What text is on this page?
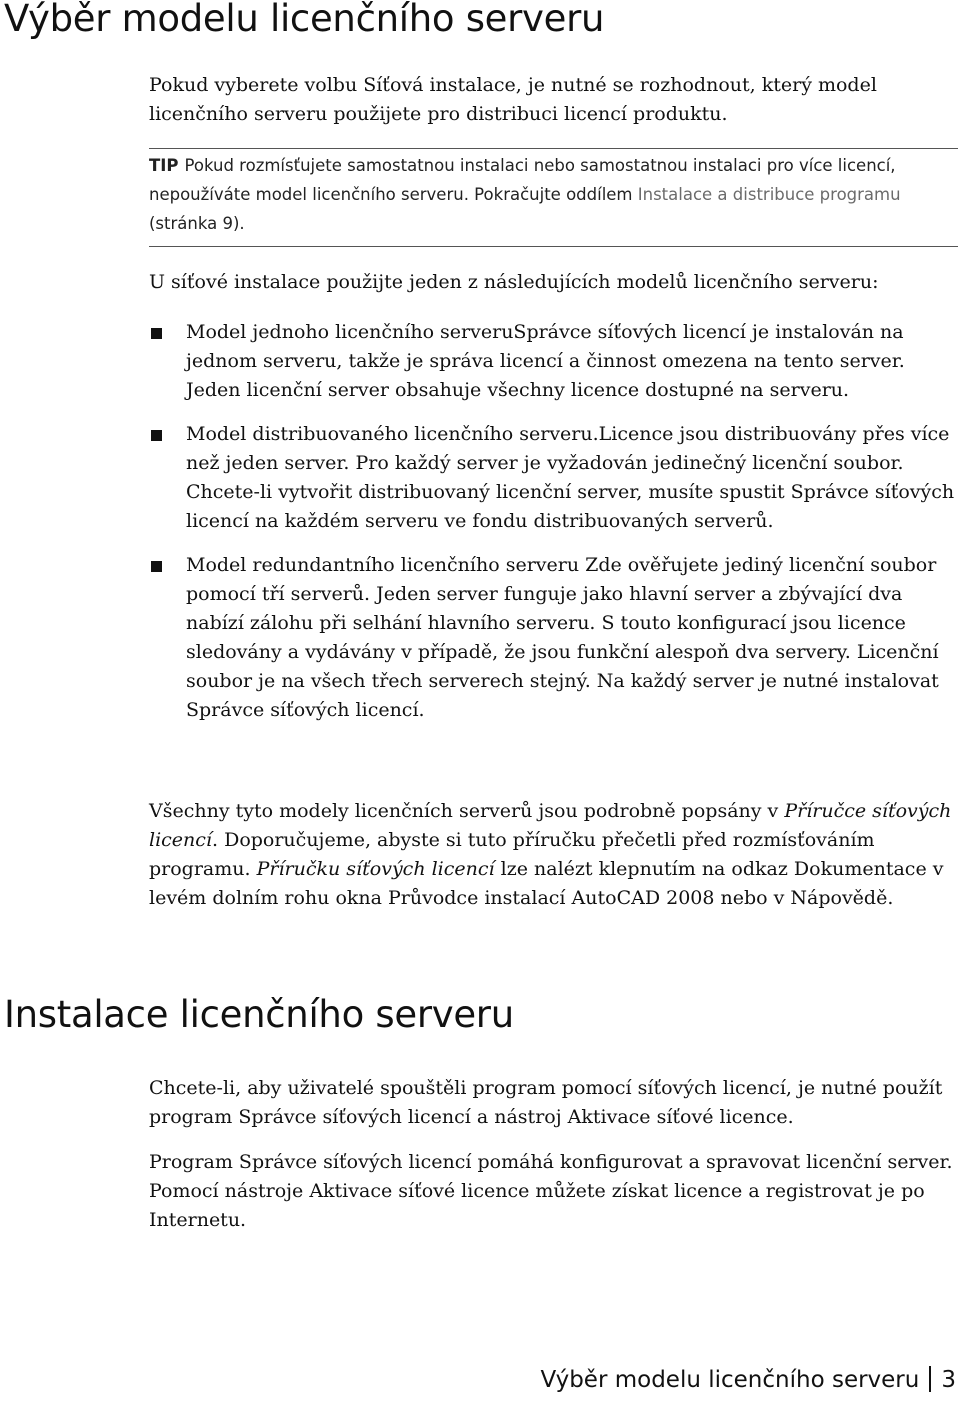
Výběr modelu licenčního serveru

Pokud vyberete volbu Síťová instalace, je nutné se rozhodnout, který model licenčního serveru použijete pro distribuci licencí produktu.

TIP Pokud rozmísťujete samostatnou instalaci nebo samostatnou instalaci pro více licencí, nepoužíváte model licenčního serveru. Pokračujte oddílem Instalace a distribuce programu (stránka 9).

U síťové instalace použijte jeden z následujících modelů licenčního serveru:

Model jednoho licenčního serveruSprávce síťových licencí je instalován na jednom serveru, takže je správa licencí a činnost omezena na tento server. Jeden licenční server obsahuje všechny licence dostupné na serveru.
Model distribuovaného licenčního serveru.Licence jsou distribuovány přes více než jeden server. Pro každý server je vyžadován jedinečný licenční soubor. Chcete-li vytvořit distribuovaný licenční server, musíte spustit Správce síťových licencí na každém serveru ve fondu distribuovaných serverů.
Model redundantního licenčního serveru Zde ověřujete jediný licenční soubor pomocí tří serverů. Jeden server funguje jako hlavní server a zbývající dva nabízí zálohu při selhání hlavního serveru. S touto konfigurací jsou licence sledovány a vydávány v případě, že jsou funkční alespoň dva servery. Licenční soubor je na všech třech serverech stejný. Na každý server je nutné instalovat Správce síťových licencí.

Všechny tyto modely licenčních serverů jsou podrobně popsány v Příručce síťových licencí. Doporučujeme, abyste si tuto příručku přečetli před rozmísťováním programu. Příručku síťových licencí lze nalézt klepnutím na odkaz Dokumentace v levém dolním rohu okna Průvodce instalací AutoCAD 2008 nebo v Nápovědě.

Instalace licenčního serveru

Chcete-li, aby uživatelé spouštěli program pomocí síťových licencí, je nutné použít program Správce síťových licencí a nástroj Aktivace síťové licence.

Program Správce síťových licencí pomáhá konfigurovat a spravovat licenční server. Pomocí nástroje Aktivace síťové licence můžete získat licence a registrovat je po Internetu.

Výběr modelu licenčního serveru 3
